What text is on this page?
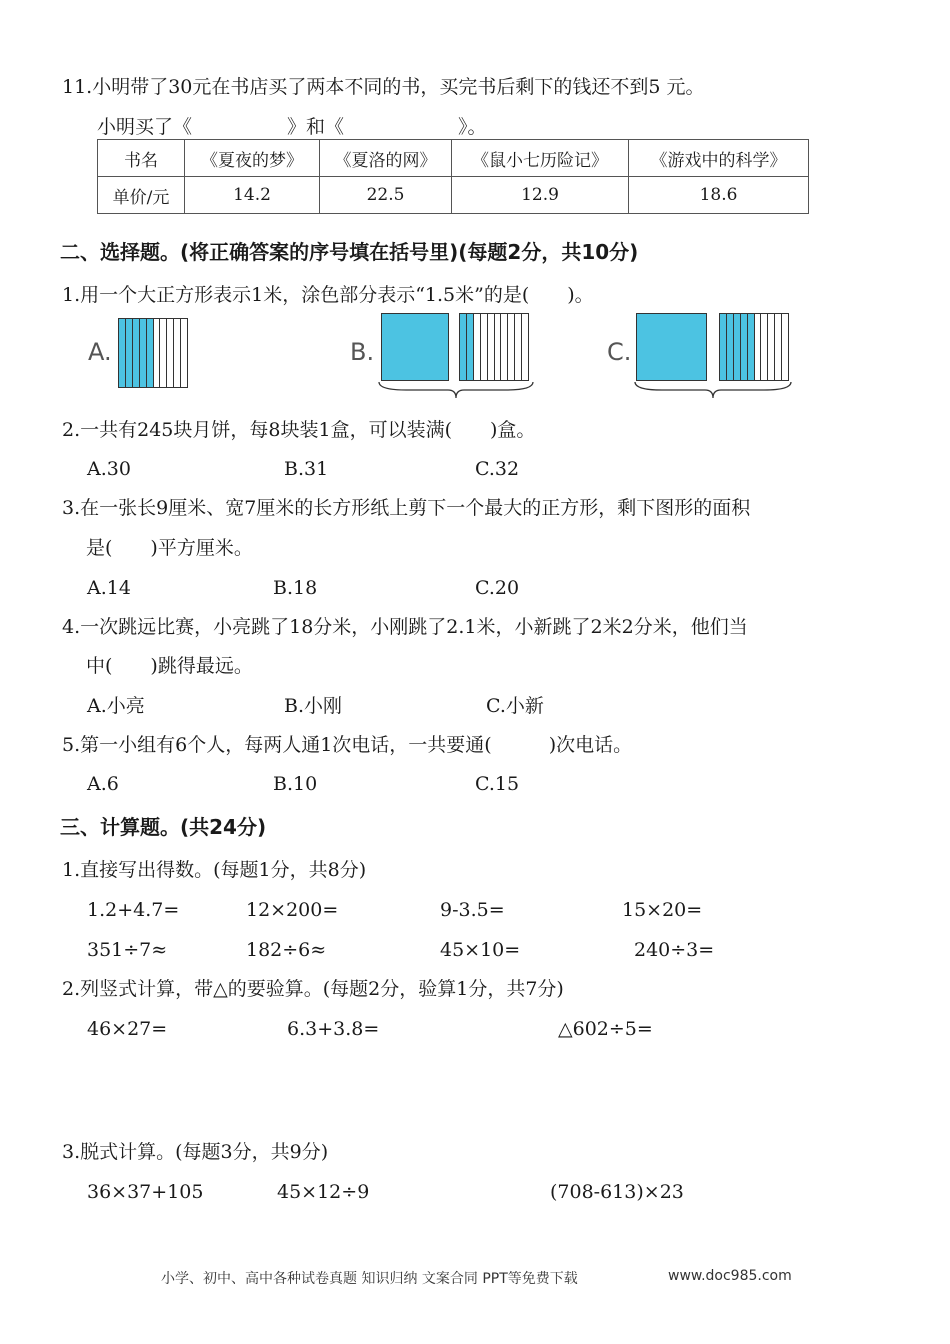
11.小明带了30元在书店买了两本不同的书，买完书后剩下的钱还不到5 元。
小明买了《　　　　　》和《　　　　　　》。
书名	《夏夜的梦》	《夏洛的网》	《鼠小七历险记》	《游戏中的科学》
单价/元	14.2	22.5	12.9	18.6
二、选择题。(将正确答案的序号填在括号里)(每题2分，共10分)
1.用一个大正方形表示1米，涂色部分表示“1.5米”的是(　　)。
A.	B.	C.
2.一共有245块月饼，每8块装1盒，可以装满(　　)盒。
A.30	B.31	C.32
3.在一张长9厘米、宽7厘米的长方形纸上剪下一个最大的正方形，剩下图形的面积
是(　　)平方厘米。
A.14	B.18	C.20
4.一次跳远比赛，小亮跳了18分米，小刚跳了2.1米，小新跳了2米2分米，他们当
中(　　)跳得最远。
A.小亮	B.小刚	C.小新
5.第一小组有6个人，每两人通1次电话，一共要通(　　　)次电话。
A.6	B.10	C.15
三、计算题。(共24分)
1.直接写出得数。(每题1分，共8分)
1.2+4.7=	12×200=	9-3.5=	15×20=
351÷7≈	182÷6≈	45×10=	240÷3=
2.列竖式计算，带△的要验算。(每题2分，验算1分，共7分)
46×27=	6.3+3.8=	△602÷5=
3.脱式计算。(每题3分，共9分)
36×37+105	45×12÷9	(708-613)×23
小学、初中、高中各种试卷真题 知识归纳 文案合同 PPT等免费下载	www.doc985.com
